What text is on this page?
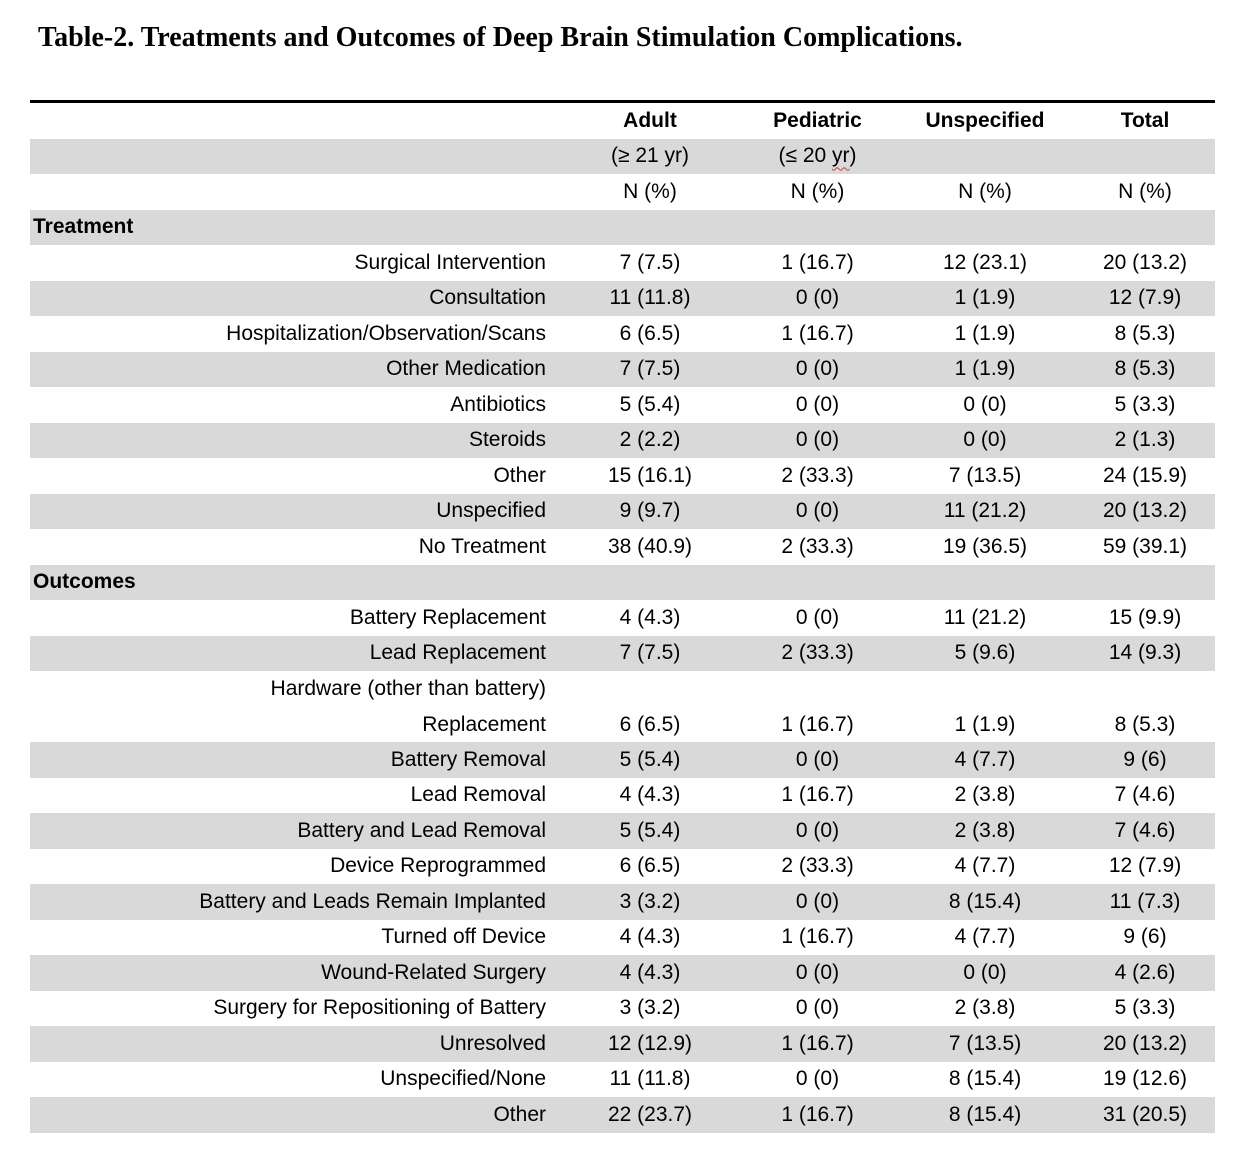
Table-2. Treatments and Outcomes of Deep Brain Stimulation Complications.
Adult	Pediatric	Unspecified	Total
(≥ 21 yr)	(≤ 20 yr)
N (%)	N (%)	N (%)	N (%)
Treatment
Surgical Intervention	7 (7.5)	1 (16.7)	12 (23.1)	20 (13.2)
Consultation	11 (11.8)	0 (0)	1 (1.9)	12 (7.9)
Hospitalization/Observation/Scans	6 (6.5)	1 (16.7)	1 (1.9)	8 (5.3)
Other Medication	7 (7.5)	0 (0)	1 (1.9)	8 (5.3)
Antibiotics	5 (5.4)	0 (0)	0 (0)	5 (3.3)
Steroids	2 (2.2)	0 (0)	0 (0)	2 (1.3)
Other	15 (16.1)	2 (33.3)	7 (13.5)	24 (15.9)
Unspecified	9 (9.7)	0 (0)	11 (21.2)	20 (13.2)
No Treatment	38 (40.9)	2 (33.3)	19 (36.5)	59 (39.1)
Outcomes
Battery Replacement	4 (4.3)	0 (0)	11 (21.2)	15 (9.9)
Lead Replacement	7 (7.5)	2 (33.3)	5 (9.6)	14 (9.3)
Hardware (other than battery)
Replacement	6 (6.5)	1 (16.7)	1 (1.9)	8 (5.3)
Battery Removal	5 (5.4)	0 (0)	4 (7.7)	9 (6)
Lead Removal	4 (4.3)	1 (16.7)	2 (3.8)	7 (4.6)
Battery and Lead Removal	5 (5.4)	0 (0)	2 (3.8)	7 (4.6)
Device Reprogrammed	6 (6.5)	2 (33.3)	4 (7.7)	12 (7.9)
Battery and Leads Remain Implanted	3 (3.2)	0 (0)	8 (15.4)	11 (7.3)
Turned off Device	4 (4.3)	1 (16.7)	4 (7.7)	9 (6)
Wound-Related Surgery	4 (4.3)	0 (0)	0 (0)	4 (2.6)
Surgery for Repositioning of Battery	3 (3.2)	0 (0)	2 (3.8)	5 (3.3)
Unresolved	12 (12.9)	1 (16.7)	7 (13.5)	20 (13.2)
Unspecified/None	11 (11.8)	0 (0)	8 (15.4)	19 (12.6)
Other	22 (23.7)	1 (16.7)	8 (15.4)	31 (20.5)
